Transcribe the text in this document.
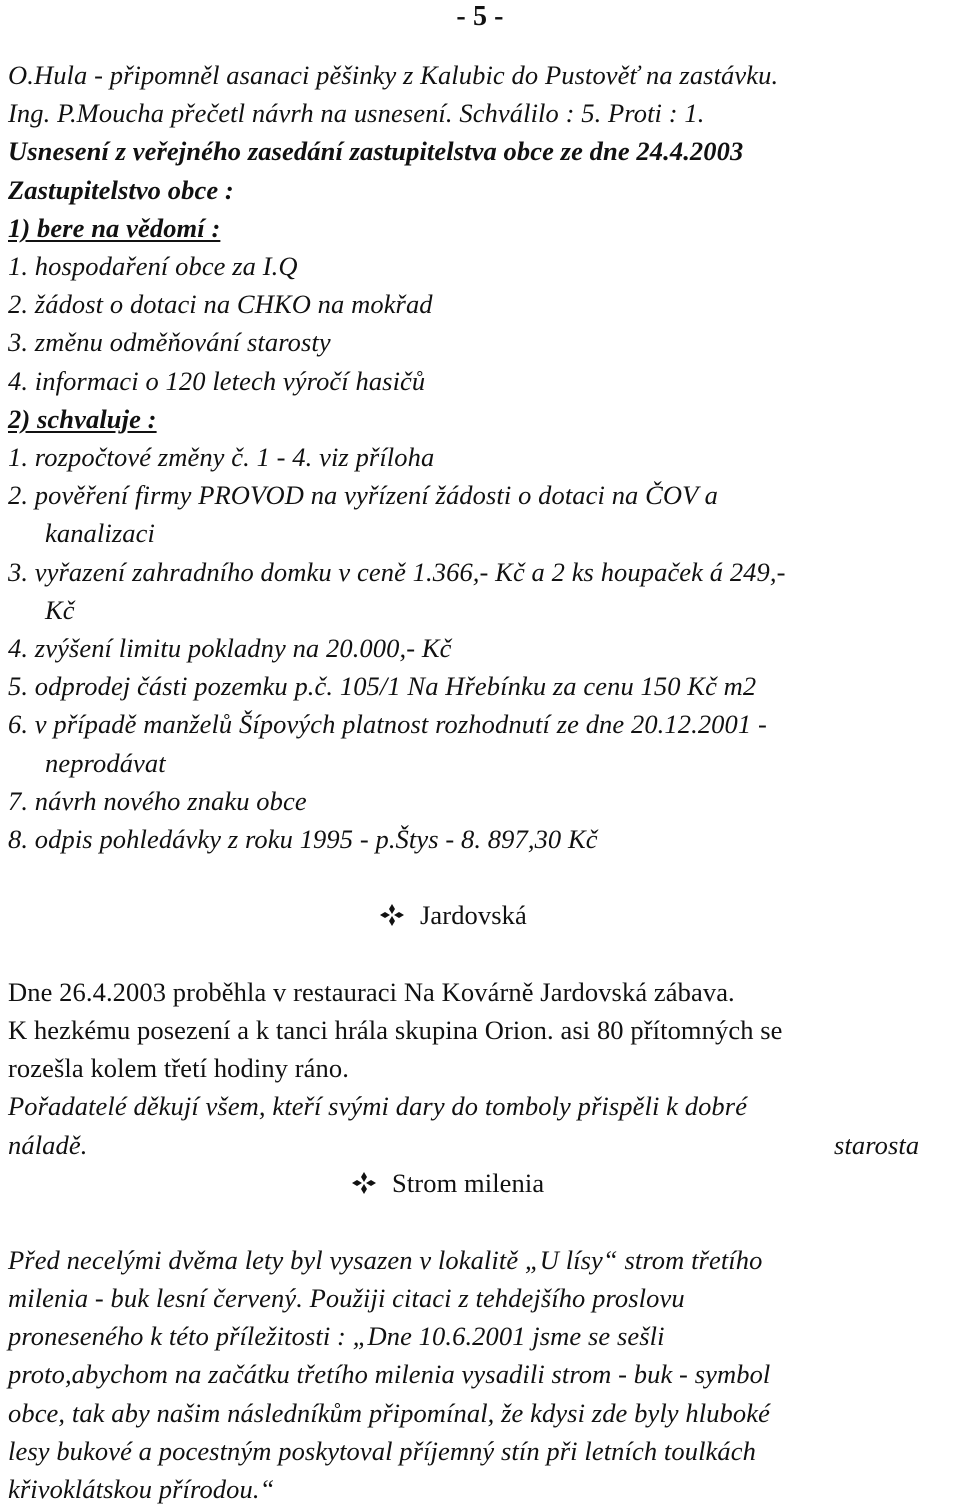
- 5 -
O.Hula - připomněl asanaci pěšinky z Kalubic do Pustověť na zastávku.
Ing. P.Moucha přečetl návrh na usnesení. Schválilo : 5. Proti : 1.
Usnesení z veřejného zasedání zastupitelstva obce ze dne 24.4.2003
Zastupitelstvo obce :
1) bere na vědomí :
1. hospodaření obce za I.Q
2. žádost o dotaci na CHKO na mokřad
3. změnu odměňování starosty
4. informaci o 120 letech výročí hasičů
2) schvaluje :
1. rozpočtové změny č. 1 - 4. viz příloha
2. pověření firmy PROVOD na vyřízení žádosti o dotaci na ČOV a
kanalizaci
3. vyřazení zahradního domku v ceně 1.366,- Kč a 2 ks houpaček á 249,-
Kč
4. zvýšení limitu pokladny na 20.000,- Kč
5. odprodej části pozemku p.č. 105/1 Na Hřebínku za cenu 150 Kč m2
6. v případě manželů Šípových platnost rozhodnutí ze dne 20.12.2001 -
neprodávat
7. návrh nového znaku obce
8. odpis pohledávky z roku 1995 - p.Štys - 8. 897,30 Kč
Jardovská
Dne 26.4.2003 proběhla v restauraci Na Kovárně Jardovská zábava.
K hezkému posezení a k tanci hrála skupina Orion. asi 80 přítomných se
rozešla kolem třetí hodiny ráno.
Pořadatelé děkují všem, kteří svými dary do tomboly přispěli k dobré
náladě.	starosta
Strom milenia
Před necelými dvěma lety byl vysazen v lokalitě „U lísy“ strom třetího
milenia - buk lesní červený. Použiji citaci z tehdejšího proslovu
proneseného k této příležitosti : „Dne 10.6.2001 jsme se sešli
proto,abychom na začátku třetího milenia vysadili strom - buk - symbol
obce, tak aby našim následníkům připomínal, že kdysi zde byly hluboké
lesy bukové a pocestným poskytoval příjemný stín při letních toulkách
křivoklátskou přírodou.“
